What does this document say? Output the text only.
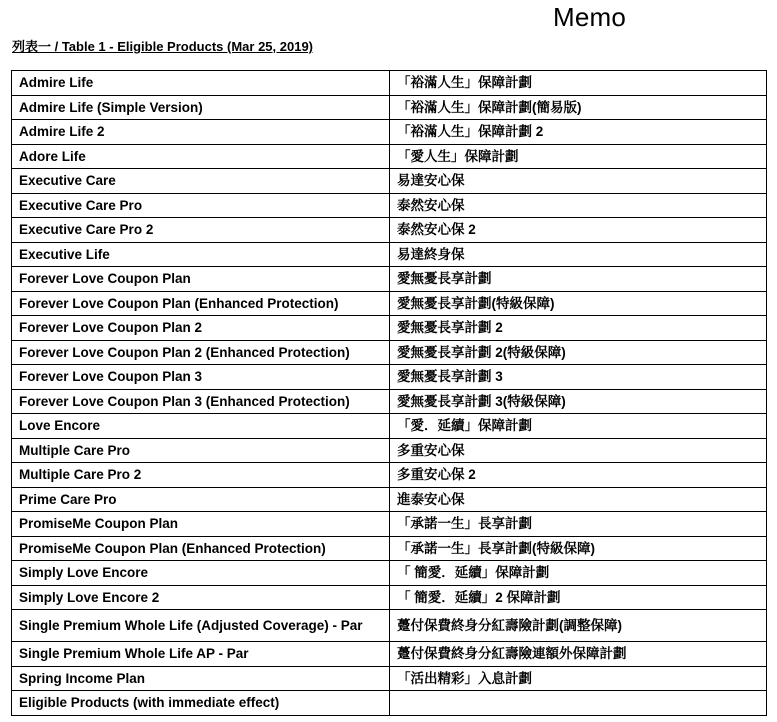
Memo
列表一 / Table 1 - Eligible Products (Mar 25, 2019)
Admire Life	「裕滿人生」保障計劃
Admire Life (Simple Version)	「裕滿人生」保障計劃(簡易版)
Admire Life 2	「裕滿人生」保障計劃 2
Adore Life	「愛人生」保障計劃
Executive Care	易達安心保
Executive Care Pro	泰然安心保
Executive Care Pro 2	泰然安心保 2
Executive Life	易達終身保
Forever Love Coupon Plan	愛無憂長享計劃
Forever Love Coupon Plan (Enhanced Protection)	愛無憂長享計劃(特級保障)
Forever Love Coupon Plan 2	愛無憂長享計劃 2
Forever Love Coupon Plan 2 (Enhanced Protection)	愛無憂長享計劃 2(特級保障)
Forever Love Coupon Plan 3	愛無憂長享計劃 3
Forever Love Coupon Plan 3 (Enhanced Protection)	愛無憂長享計劃 3(特級保障)
Love Encore	「愛．延續」保障計劃
Multiple Care Pro	多重安心保
Multiple Care Pro 2	多重安心保 2
Prime Care Pro	進泰安心保
PromiseMe Coupon Plan	「承諾一生」長享計劃
PromiseMe Coupon Plan (Enhanced Protection)	「承諾一生」長享計劃(特級保障)
Simply Love Encore	「 簡愛．延續」保障計劃
Simply Love Encore 2	「 簡愛．延續」2 保障計劃
Single Premium Whole Life (Adjusted Coverage) - Par	躉付保費終身分紅壽險計劃(調整保障)
Single Premium Whole Life AP - Par	躉付保費終身分紅壽險連額外保障計劃
Spring Income Plan	「活出精彩」入息計劃
Eligible Products (with immediate effect)	
